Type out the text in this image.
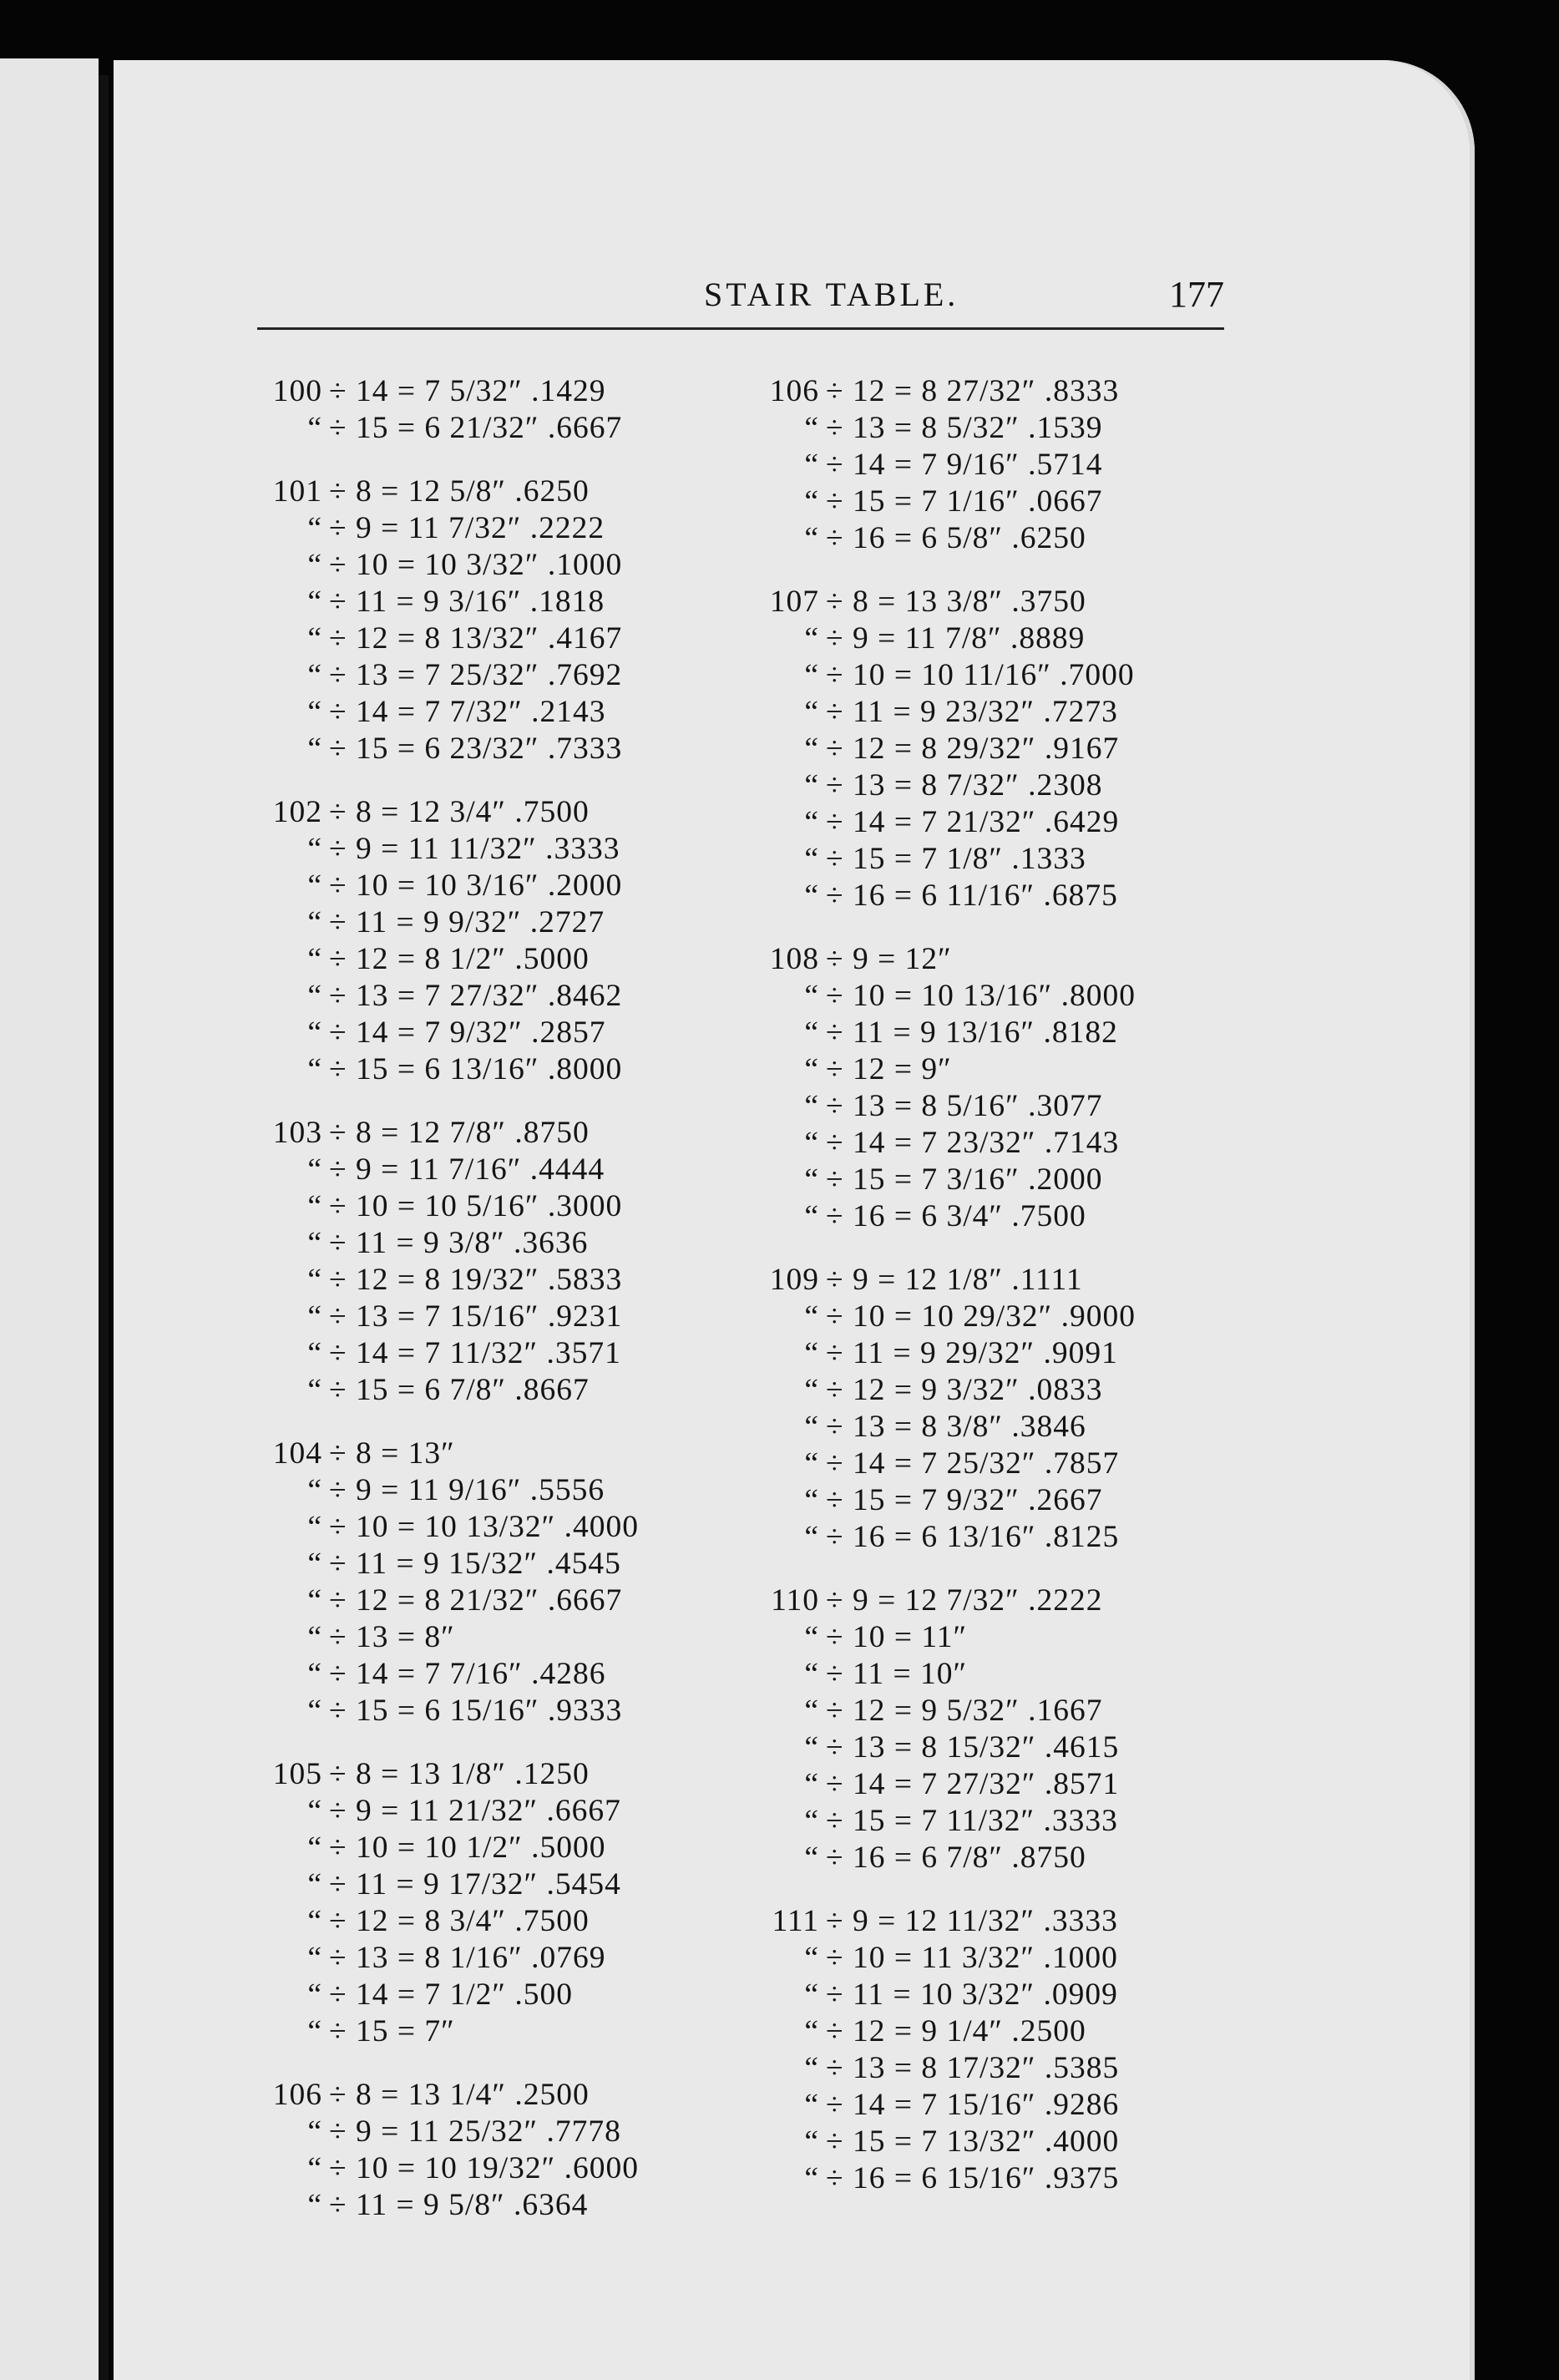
STAIR TABLE.	177
100 ÷ 14 = 7 5/32″ .1429
“ ÷ 15 = 6 21/32″ .6667
101 ÷ 8 = 12 5/8″ .6250
“ ÷ 9 = 11 7/32″ .2222
“ ÷ 10 = 10 3/32″ .1000
“ ÷ 11 = 9 3/16″ .1818
“ ÷ 12 = 8 13/32″ .4167
“ ÷ 13 = 7 25/32″ .7692
“ ÷ 14 = 7 7/32″ .2143
“ ÷ 15 = 6 23/32″ .7333
102 ÷ 8 = 12 3/4″ .7500
“ ÷ 9 = 11 11/32″ .3333
“ ÷ 10 = 10 3/16″ .2000
“ ÷ 11 = 9 9/32″ .2727
“ ÷ 12 = 8 1/2″ .5000
“ ÷ 13 = 7 27/32″ .8462
“ ÷ 14 = 7 9/32″ .2857
“ ÷ 15 = 6 13/16″ .8000
103 ÷ 8 = 12 7/8″ .8750
“ ÷ 9 = 11 7/16″ .4444
“ ÷ 10 = 10 5/16″ .3000
“ ÷ 11 = 9 3/8″ .3636
“ ÷ 12 = 8 19/32″ .5833
“ ÷ 13 = 7 15/16″ .9231
“ ÷ 14 = 7 11/32″ .3571
“ ÷ 15 = 6 7/8″ .8667
104 ÷ 8 = 13″
“ ÷ 9 = 11 9/16″ .5556
“ ÷ 10 = 10 13/32″ .4000
“ ÷ 11 = 9 15/32″ .4545
“ ÷ 12 = 8 21/32″ .6667
“ ÷ 13 = 8″
“ ÷ 14 = 7 7/16″ .4286
“ ÷ 15 = 6 15/16″ .9333
105 ÷ 8 = 13 1/8″ .1250
“ ÷ 9 = 11 21/32″ .6667
“ ÷ 10 = 10 1/2″ .5000
“ ÷ 11 = 9 17/32″ .5454
“ ÷ 12 = 8 3/4″ .7500
“ ÷ 13 = 8 1/16″ .0769
“ ÷ 14 = 7 1/2″ .500
“ ÷ 15 = 7″
106 ÷ 8 = 13 1/4″ .2500
“ ÷ 9 = 11 25/32″ .7778
“ ÷ 10 = 10 19/32″ .6000
“ ÷ 11 = 9 5/8″ .6364
106 ÷ 12 = 8 27/32″ .8333
“ ÷ 13 = 8 5/32″ .1539
“ ÷ 14 = 7 9/16″ .5714
“ ÷ 15 = 7 1/16″ .0667
“ ÷ 16 = 6 5/8″ .6250
107 ÷ 8 = 13 3/8″ .3750
“ ÷ 9 = 11 7/8″ .8889
“ ÷ 10 = 10 11/16″ .7000
“ ÷ 11 = 9 23/32″ .7273
“ ÷ 12 = 8 29/32″ .9167
“ ÷ 13 = 8 7/32″ .2308
“ ÷ 14 = 7 21/32″ .6429
“ ÷ 15 = 7 1/8″ .1333
“ ÷ 16 = 6 11/16″ .6875
108 ÷ 9 = 12″
“ ÷ 10 = 10 13/16″ .8000
“ ÷ 11 = 9 13/16″ .8182
“ ÷ 12 = 9″
“ ÷ 13 = 8 5/16″ .3077
“ ÷ 14 = 7 23/32″ .7143
“ ÷ 15 = 7 3/16″ .2000
“ ÷ 16 = 6 3/4″ .7500
109 ÷ 9 = 12 1/8″ .1111
“ ÷ 10 = 10 29/32″ .9000
“ ÷ 11 = 9 29/32″ .9091
“ ÷ 12 = 9 3/32″ .0833
“ ÷ 13 = 8 3/8″ .3846
“ ÷ 14 = 7 25/32″ .7857
“ ÷ 15 = 7 9/32″ .2667
“ ÷ 16 = 6 13/16″ .8125
110 ÷ 9 = 12 7/32″ .2222
“ ÷ 10 = 11″
“ ÷ 11 = 10″
“ ÷ 12 = 9 5/32″ .1667
“ ÷ 13 = 8 15/32″ .4615
“ ÷ 14 = 7 27/32″ .8571
“ ÷ 15 = 7 11/32″ .3333
“ ÷ 16 = 6 7/8″ .8750
111 ÷ 9 = 12 11/32″ .3333
“ ÷ 10 = 11 3/32″ .1000
“ ÷ 11 = 10 3/32″ .0909
“ ÷ 12 = 9 1/4″ .2500
“ ÷ 13 = 8 17/32″ .5385
“ ÷ 14 = 7 15/16″ .9286
“ ÷ 15 = 7 13/32″ .4000
“ ÷ 16 = 6 15/16″ .9375
